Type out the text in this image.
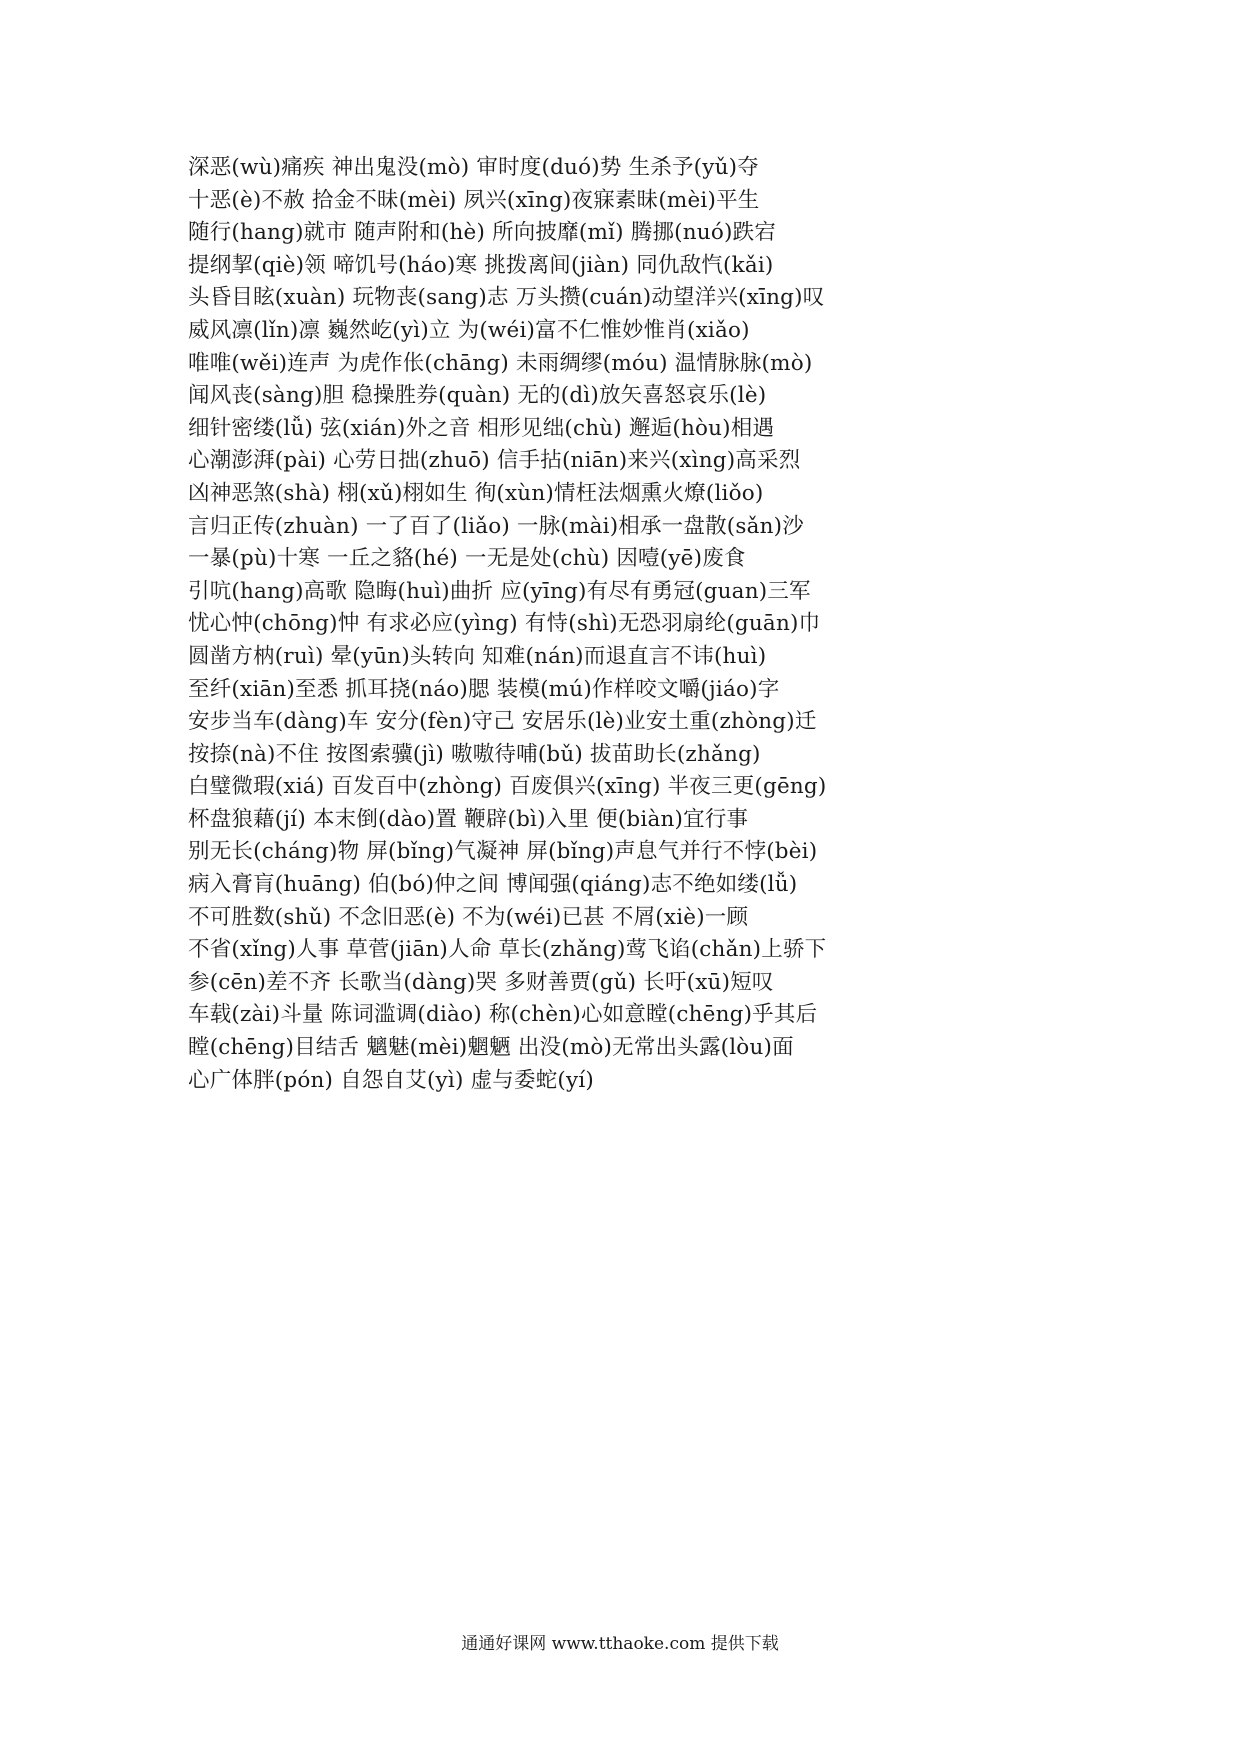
深恶(wù)痛疾 神出鬼没(mò) 审时度(duó)势 生杀予(yǔ)夺
十恶(è)不赦 拾金不昧(mèi) 夙兴(xīng)夜寐素昧(mèi)平生
随行(hang)就市 随声附和(hè) 所向披靡(mǐ) 腾挪(nuó)跌宕
提纲挈(qiè)领 啼饥号(háo)寒 挑拨离间(jiàn) 同仇敌忾(kǎi)
头昏目眩(xuàn) 玩物丧(sang)志 万头攒(cuán)动望洋兴(xīng)叹
威风凛(lǐn)凛 巍然屹(yì)立 为(wéi)富不仁惟妙惟肖(xiǎo)
唯唯(wěi)连声 为虎作伥(chāng) 未雨绸缪(móu) 温情脉脉(mò)
闻风丧(sàng)胆 稳操胜券(quàn) 无的(dì)放矢喜怒哀乐(lè)
细针密缕(lǚ) 弦(xián)外之音 相形见绌(chù) 邂逅(hòu)相遇
心潮澎湃(pài) 心劳日拙(zhuō) 信手拈(niān)来兴(xìng)高采烈
凶神恶煞(shà) 栩(xǔ)栩如生 徇(xùn)情枉法烟熏火燎(liǒo)
言归正传(zhuàn) 一了百了(liǎo) 一脉(mài)相承一盘散(sǎn)沙
一暴(pù)十寒 一丘之貉(hé) 一无是处(chù) 因噎(yē)废食
引吭(hang)高歌 隐晦(huì)曲折 应(yīng)有尽有勇冠(guan)三军
忧心忡(chōng)忡 有求必应(yìng) 有恃(shì)无恐羽扇纶(guān)巾
圆凿方枘(ruì) 晕(yūn)头转向 知难(nán)而退直言不讳(huì)
至纤(xiān)至悉 抓耳挠(náo)腮 装模(mú)作样咬文嚼(jiáo)字
安步当车(dàng)车 安分(fèn)守己 安居乐(lè)业安土重(zhòng)迁
按捺(nà)不住 按图索骥(jì) 嗷嗷待哺(bǔ) 拔苗助长(zhǎng)
白璧微瑕(xiá) 百发百中(zhòng) 百废俱兴(xīng) 半夜三更(gēng)
杯盘狼藉(jí) 本末倒(dào)置 鞭辟(bì)入里 便(biàn)宜行事
别无长(cháng)物 屏(bǐng)气凝神 屏(bǐng)声息气并行不悖(bèi)
病入膏肓(huāng) 伯(bó)仲之间 博闻强(qiáng)志不绝如缕(lǚ)
不可胜数(shǔ) 不念旧恶(è) 不为(wéi)已甚 不屑(xiè)一顾
不省(xǐng)人事 草菅(jiān)人命 草长(zhǎng)莺飞谄(chǎn)上骄下
参(cēn)差不齐 长歌当(dàng)哭 多财善贾(gǔ) 长吁(xū)短叹
车载(zài)斗量 陈词滥调(diào) 称(chèn)心如意瞠(chēng)乎其后
瞠(chēng)目结舌 魑魅(mèi)魍魉 出没(mò)无常出头露(lòu)面
心广体胖(pón) 自怨自艾(yì) 虚与委蛇(yí)
通通好课网 www.tthaoke.com 提供下载
